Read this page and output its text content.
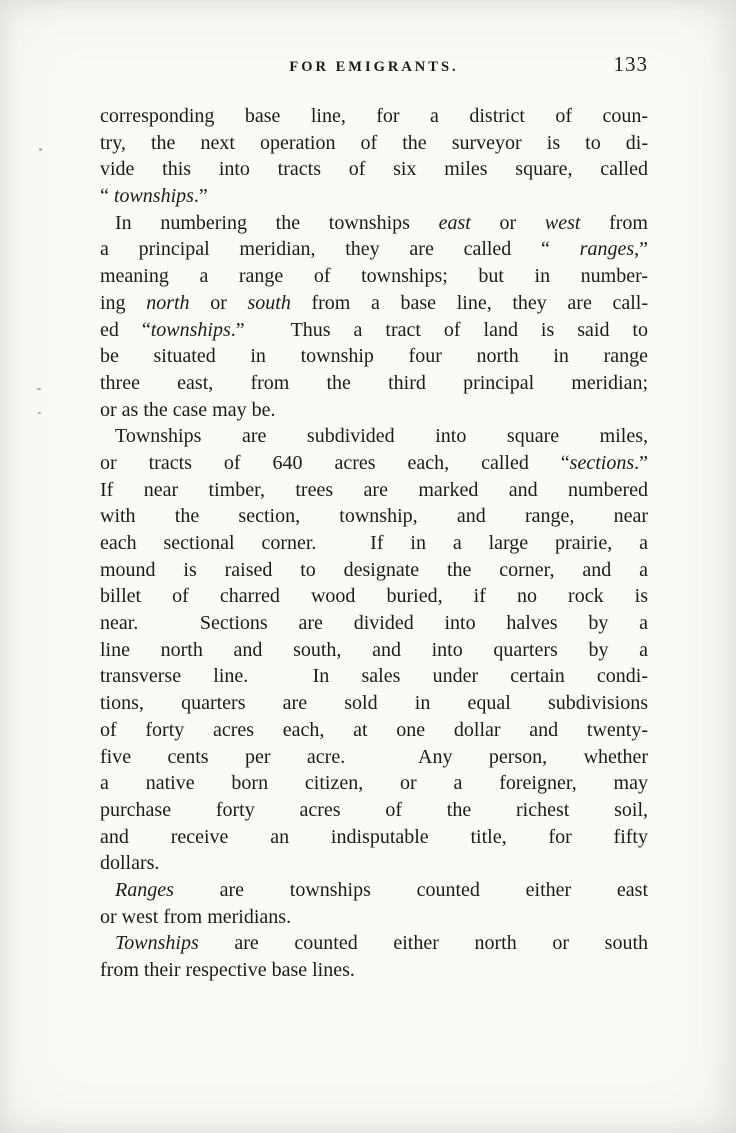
FOR EMIGRANTS.	133
corresponding base line, for a district of coun-
try, the next operation of the surveyor is to di-
vide this into tracts of six miles square, called
“ townships.”
In numbering the townships east or west from
a principal meridian, they are called “ ranges,”
meaning a range of townships; but in number-
ing north or south from a base line, they are call-
ed “townships.”  Thus a tract of land is said to
be situated in township four north in range
three east, from the third principal meridian;
or as the case may be.
Townships are subdivided into square miles,
or tracts of 640 acres each, called “sections.”
If near timber, trees are marked and numbered
with the section, township, and range, near
each sectional corner.  If in a large prairie, a
mound is raised to designate the corner, and a
billet of charred wood buried, if no rock is
near.  Sections are divided into halves by a
line north and south, and into quarters by a
transverse line.  In sales under certain condi-
tions, quarters are sold in equal subdivisions
of forty acres each, at one dollar and twenty-
five cents per acre.  Any person, whether
a native born citizen, or a foreigner, may
purchase forty acres of the richest soil,
and receive an indisputable title, for fifty
dollars.
Ranges are townships counted either east
or west from meridians.
Townships are counted either north or south
from their respective base lines.
